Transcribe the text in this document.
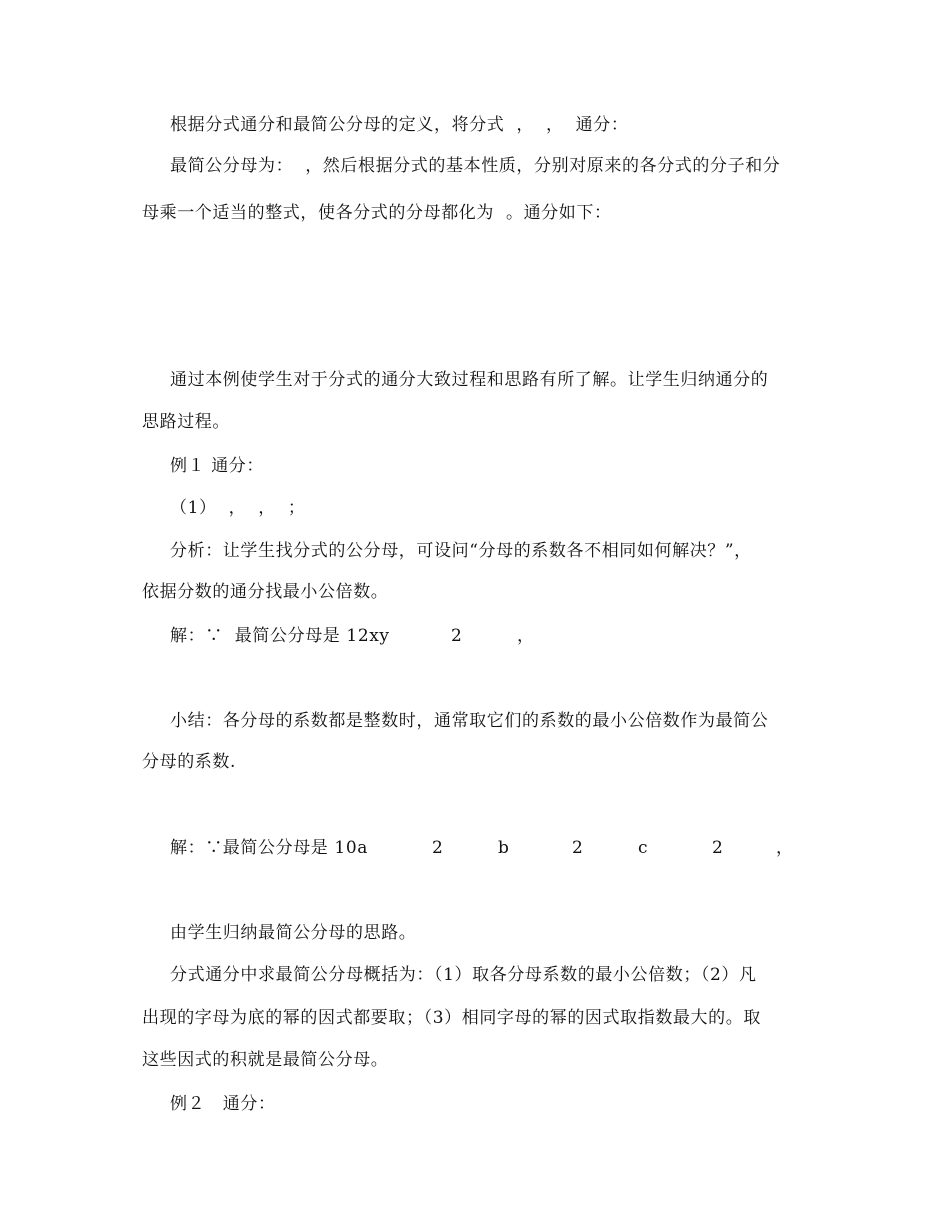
根据分式通分和最简公分母的定义，将分式  ，  ，  通分：
最简公分母为：  ，然后根据分式的基本性质，分别对原来的各分式的分子和分
母乘一个适当的整式，使各分式的分母都化为  。通分如下：
通过本例使学生对于分式的通分大致过程和思路有所了解。让学生归纳通分的
思路过程。
例１ 通分：
（1）  ，  ，  ；
分析：让学生找分式的公分母，可设问“分母的系数各不相同如何解决？”，
依据分数的通分找最小公倍数。
解：∵  最简公分母是 12xy	2	，
小结：各分母的系数都是整数时，通常取它们的系数的最小公倍数作为最简公
分母的系数.
解：∵最简公分母是 10a	2	b	2	c	2	，
由学生归纳最简公分母的思路。
分式通分中求最简公分母概括为：（1）取各分母系数的最小公倍数；（2）凡
出现的字母为底的幂的因式都要取；（3）相同字母的幂的因式取指数最大的。取
这些因式的积就是最简公分母。
例２　通分：
